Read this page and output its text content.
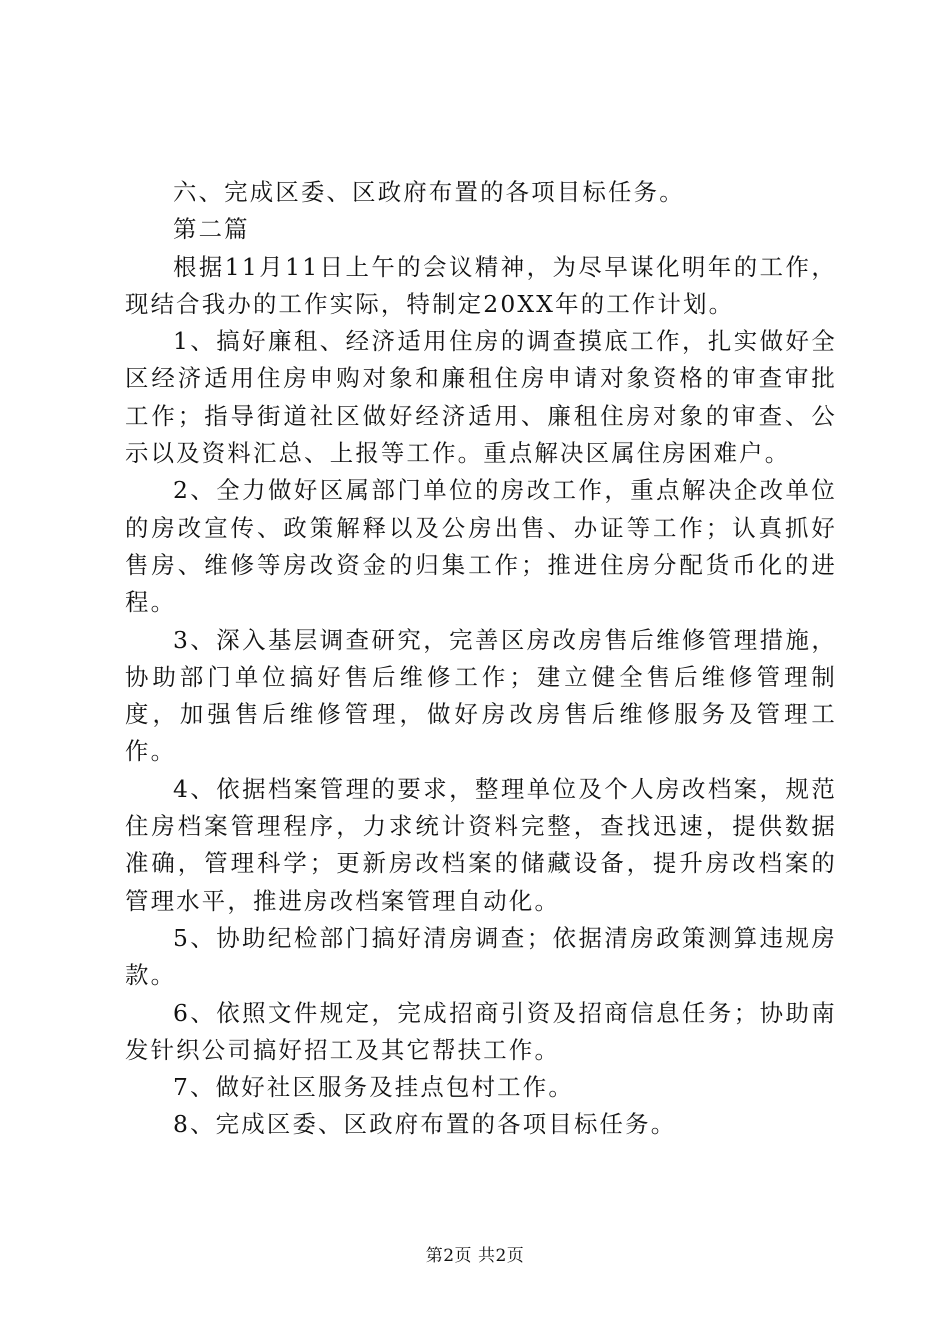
六、完成区委、区政府布置的各项目标任务。

第二篇

根据11月11日上午的会议精神，为尽早谋化明年的工作，现结合我办的工作实际，特制定20XX年的工作计划。

1、搞好廉租、经济适用住房的调查摸底工作，扎实做好全区经济适用住房申购对象和廉租住房申请对象资格的审查审批工作；指导街道社区做好经济适用、廉租住房对象的审查、公示以及资料汇总、上报等工作。重点解决区属住房困难户。

2、全力做好区属部门单位的房改工作，重点解决企改单位的房改宣传、政策解释以及公房出售、办证等工作；认真抓好售房、维修等房改资金的归集工作；推进住房分配货币化的进程。

3、深入基层调查研究，完善区房改房售后维修管理措施，协助部门单位搞好售后维修工作；建立健全售后维修管理制度，加强售后维修管理，做好房改房售后维修服务及管理工作。

4、依据档案管理的要求，整理单位及个人房改档案，规范住房档案管理程序，力求统计资料完整，查找迅速，提供数据准确，管理科学；更新房改档案的储藏设备，提升房改档案的管理水平，推进房改档案管理自动化。

5、协助纪检部门搞好清房调查；依据清房政策测算违规房款。

6、依照文件规定，完成招商引资及招商信息任务；协助南发针织公司搞好招工及其它帮扶工作。

7、做好社区服务及挂点包村工作。

8、完成区委、区政府布置的各项目标任务。

第2页 共2页
